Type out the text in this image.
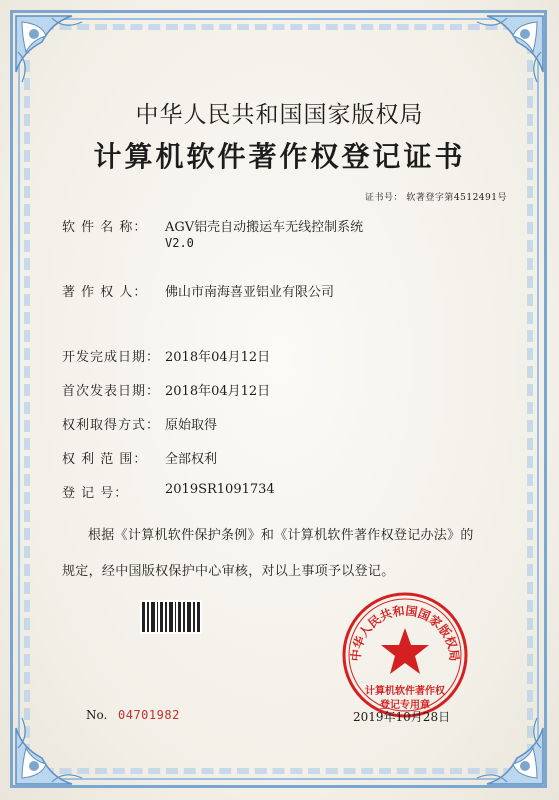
中华人民共和国国家版权局
计算机软件著作权登记证书
证书号： 软著登字第4512491号
软 件 名 称： AGV铝壳自动搬运车无线控制系统
V2.0
著 作 权 人： 佛山市南海喜亚铝业有限公司
开发完成日期： 2018年04月12日
首次发表日期： 2018年04月12日
权利取得方式： 原始取得
权 利 范 围： 全部权利
登 记 号：	2019SR1091734
根据《计算机软件保护条例》和《计算机软件著作权登记办法》的
规定，经中国版权保护中心审核，对以上事项予以登记。
中华人民共和国国家版权局
计算机软件著作权
登记专用章
No. 04701982	2019年10月28日
